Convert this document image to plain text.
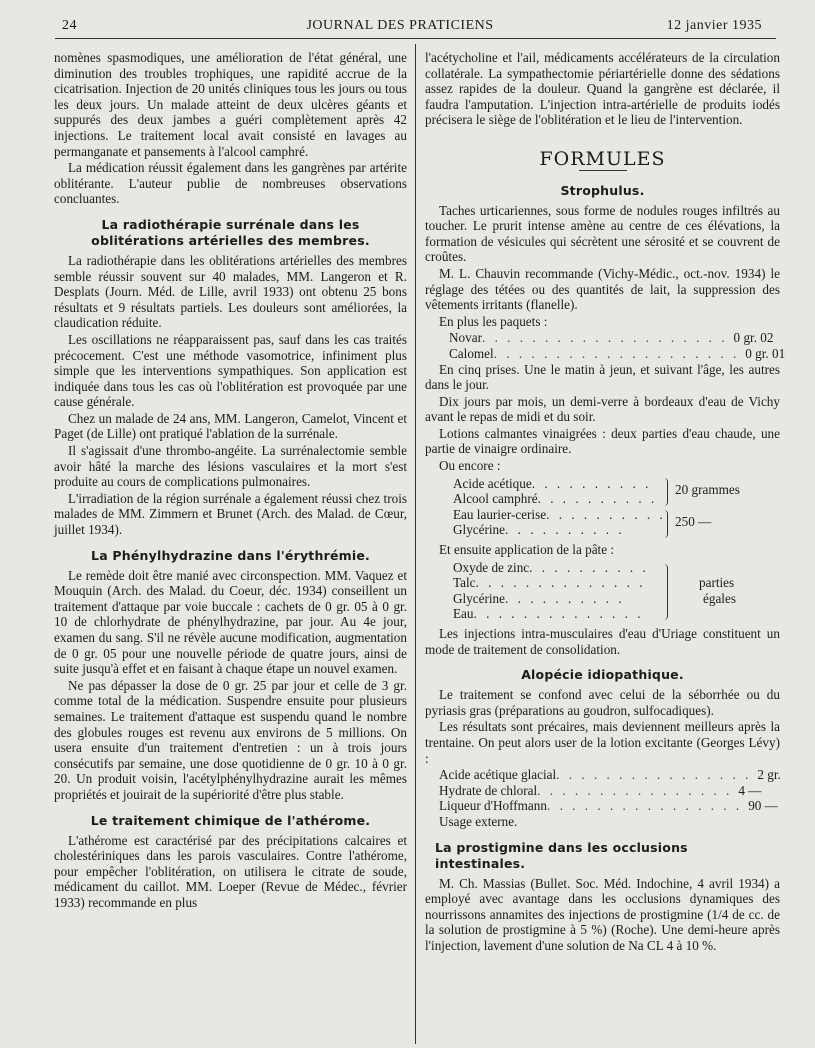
24	JOURNAL DES PRATICIENS	12 janvier 1935

nomènes spasmodiques, une amélioration de l'état général, une diminution des troubles trophiques, une rapidité accrue de la cicatrisation. Injection de 20 unités cliniques tous les jours ou tous les deux jours. Un malade atteint de deux ulcères géants et suppurés des deux jambes a guéri complètement après 42 injections. Le traitement local avait consisté en lavages au permanganate et pansements à l'alcool camphré.

La médication réussit également dans les gangrènes par artérite oblitérante. L'auteur publie de nombreuses observations concluantes.

La radiothérapie surrénale dans les oblitérations artérielles des membres.

La radiothérapie dans les oblitérations artérielles des membres semble réussir souvent sur 40 malades, MM. Langeron et R. Desplats (Journ. Méd. de Lille, avril 1933) ont obtenu 25 bons résultats et 9 résultats partiels. Les douleurs sont améliorées, la claudication réduite.

Les oscillations ne réapparaissent pas, sauf dans les cas traités précocement. C'est une méthode vasomotrice, infiniment plus simple que les interventions sympathiques. Son application est indiquée dans tous les cas où l'oblitération est provoquée par une cause générale.

Chez un malade de 24 ans, MM. Langeron, Camelot, Vincent et Paget (de Lille) ont pratiqué l'ablation de la surrénale.

Il s'agissait d'une thrombo-angéite. La surrénalectomie semble avoir hâté la marche des lésions vasculaires et la mort s'est produite au cours de complications pulmonaires.

L'irradiation de la région surrénale a également réussi chez trois malades de MM. Zimmern et Brunet (Arch. des Malad. de Cœur, juillet 1934).

La Phénylhydrazine dans l'érythrémie.

Le remède doit être manié avec circonspection. MM. Vaquez et Mouquin (Arch. des Malad. du Coeur, déc. 1934) conseillent un traitement d'attaque par voie buccale : cachets de 0 gr. 05 à 0 gr. 10 de chlorhydrate de phénylhydrazine, par jour. Au 4e jour, examen du sang. S'il ne révèle aucune modification, augmentation de 0 gr. 05 pour une nouvelle période de quatre jours, ainsi de suite jusqu'à effet et en faisant à chaque étape un nouvel examen.

Ne pas dépasser la dose de 0 gr. 25 par jour et celle de 3 gr. comme total de la médication. Suspendre ensuite pour plusieurs semaines. Le traitement d'attaque est suspendu quand le nombre des globules rouges est revenu aux environs de 5 millions. On usera ensuite d'un traitement d'entretien : un à trois jours consécutifs par semaine, une dose quotidienne de 0 gr. 10 à 0 gr. 20. Un produit voisin, l'acétylphénylhydrazine aurait les mêmes propriétés et jouirait de la supériorité d'être plus stable.

Le traitement chimique de l'athérome.

L'athérome est caractérisé par des précipitations calcaires et cholestériniques dans les parois vasculaires. Contre l'athérome, pour empêcher l'oblitération, on utilisera le citrate de soude, médicament du caillot. MM. Loeper (Revue de Médec., février 1933) recommande en plus

l'acétycholine et l'ail, médicaments accélérateurs de la circulation collatérale. La sympathectomie périartérielle donne des sédations assez rapides de la douleur. Quand la gangrène est déclarée, il faudra l'amputation. L'injection intra-artérielle de produits iodés précisera le siège de l'oblitération et le lieu de l'intervention.

FORMULES
Strophulus.

Taches urticariennes, sous forme de nodules rouges infiltrés au toucher. Le prurit intense amène au centre de ces élévations, la formation de vésicules qui sécrètent une sérosité et se couvrent de croûtes.

M. L. Chauvin recommande (Vichy-Médic., oct.-nov. 1934) le réglage des tétées ou des quantités de lait, la suppression des vêtements irritants (flanelle).

En plus les paquets :

Novar . . . . . . . . . . . . . . . . . . . . 0 gr. 02
Calomel . . . . . . . . . . . . . . . . . . . . 0 gr. 01

En cinq prises. Une le matin à jeun, et suivant l'âge, les autres dans le jour.

Dix jours par mois, un demi-verre à bordeaux d'eau de Vichy avant le repas de midi et du soir.

Lotions calmantes vinaigrées : deux parties d'eau chaude, une partie de vinaigre ordinaire.

Ou encore :

Acide acétique . . . . . . . . . .
Alcool camphré . . . . . . . . . .
Eau laurier-cerise . . . . . . . . . .
Glycérine . . . . . . . . . .
20 grammes
250 —

Et ensuite application de la pâte :

Oxyde de zinc . . . . . . . . . .
Talc . . . . . . . . . . . . . .
Glycérine . . . . . . . . . .
Eau . . . . . . . . . . . . . .
parties
égales

Les injections intra-musculaires d'eau d'Uriage constituent un mode de traitement de consolidation.

Alopécie idiopathique.

Le traitement se confond avec celui de la séborrhée ou du pyriasis gras (préparations au goudron, sulfocadiques).

Les résultats sont précaires, mais deviennent meilleurs après la trentaine. On peut alors user de la lotion excitante (Georges Lévy) :

Acide acétique glacial . . . . . . . . . . . . . . . . 2 gr.
Hydrate de chloral . . . . . . . . . . . . . . . . 4 —
Liqueur d'Hoffmann . . . . . . . . . . . . . . . . 90 —
Usage externe.
La prostigmine dans les occlusions intestinales.

M. Ch. Massias (Bullet. Soc. Méd. Indochine, 4 avril 1934) a employé avec avantage dans les occlusions dynamiques des nourrissons annamites des injections de prostigmine (1/4 de cc. de la solution de prostigmine à 5 %) (Roche). Une demi-heure après l'injection, lavement d'une solution de Na CL 4 à 10 %.
